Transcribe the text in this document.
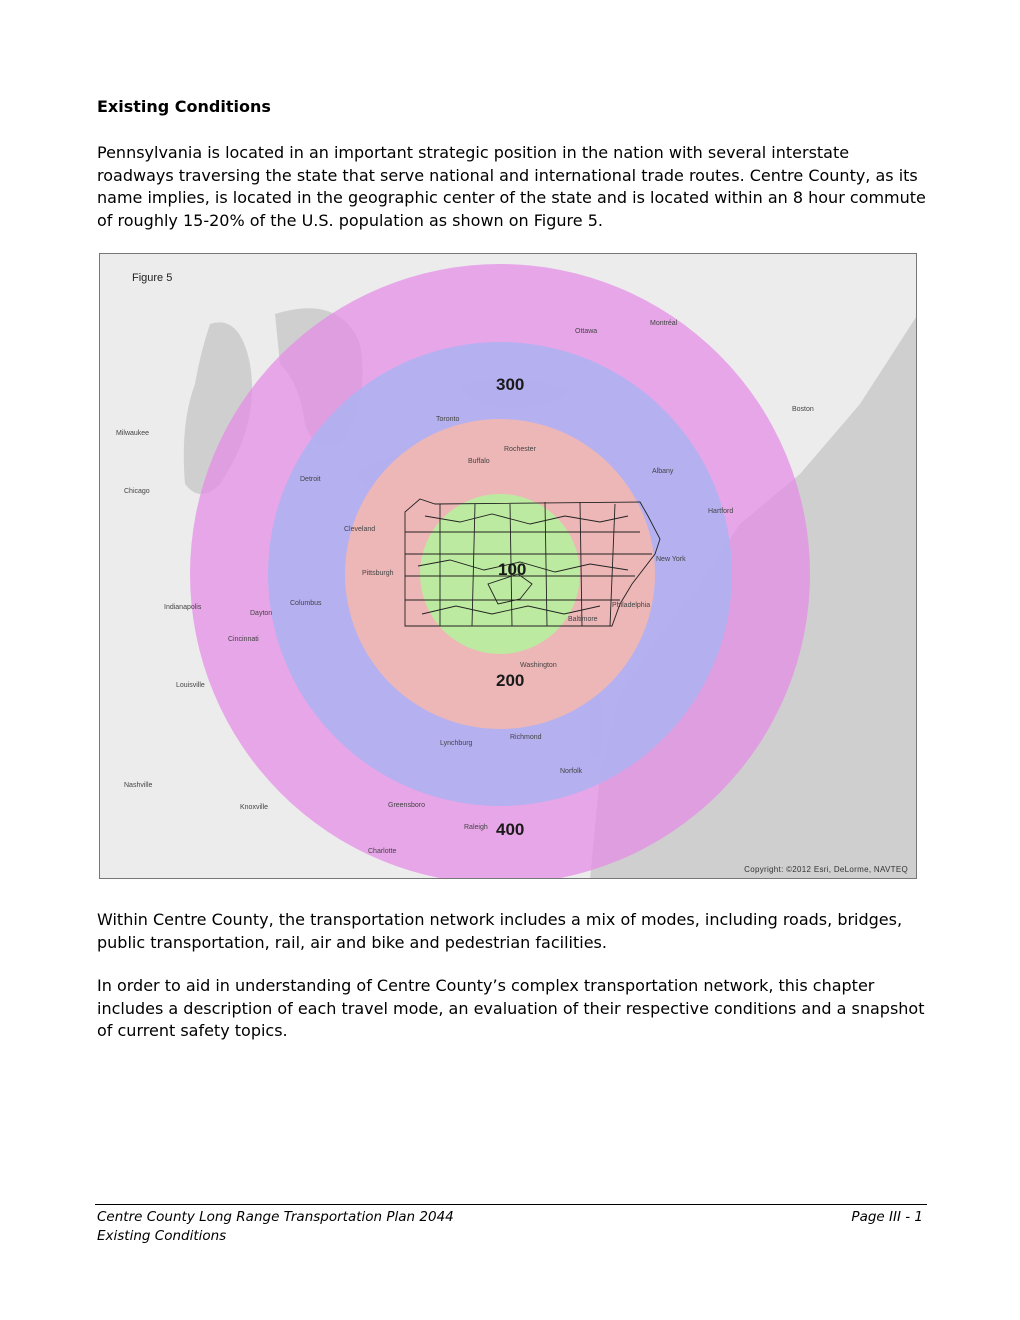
Existing Conditions

Pennsylvania is located in an important strategic position in the nation with several interstate roadways traversing the state that serve national and international trade routes. Centre County, as its name implies, is located in the geographic center of the state and is located within an 8 hour commute of roughly 15-20% of the U.S. population as shown on Figure 5.

Figure 5
300
100
200
400
Ottawa
Montréal
Toronto
Chicago
Milwaukee
Detroit
Cleveland
Columbus
Indianapolis
Cincinnati
Dayton
Louisville
Washington
Richmond
Norfolk
Raleigh
Charlotte
Lynchburg
Greensboro
Nashville
Knoxville
Boston
Hartford
Albany
Buffalo
Rochester
Baltimore
Philadelphia
New York
Pittsburgh
Copyright: ©2012 Esri, DeLorme, NAVTEQ

Within Centre County, the transportation network includes a mix of modes, including roads, bridges, public transportation, rail, air and bike and pedestrian facilities.

In order to aid in understanding of Centre County’s complex transportation network, this chapter includes a description of each travel mode, an evaluation of their respective conditions and a snapshot of current safety topics.

Centre County Long Range Transportation Plan 2044
Existing Conditions
Page III - 1
